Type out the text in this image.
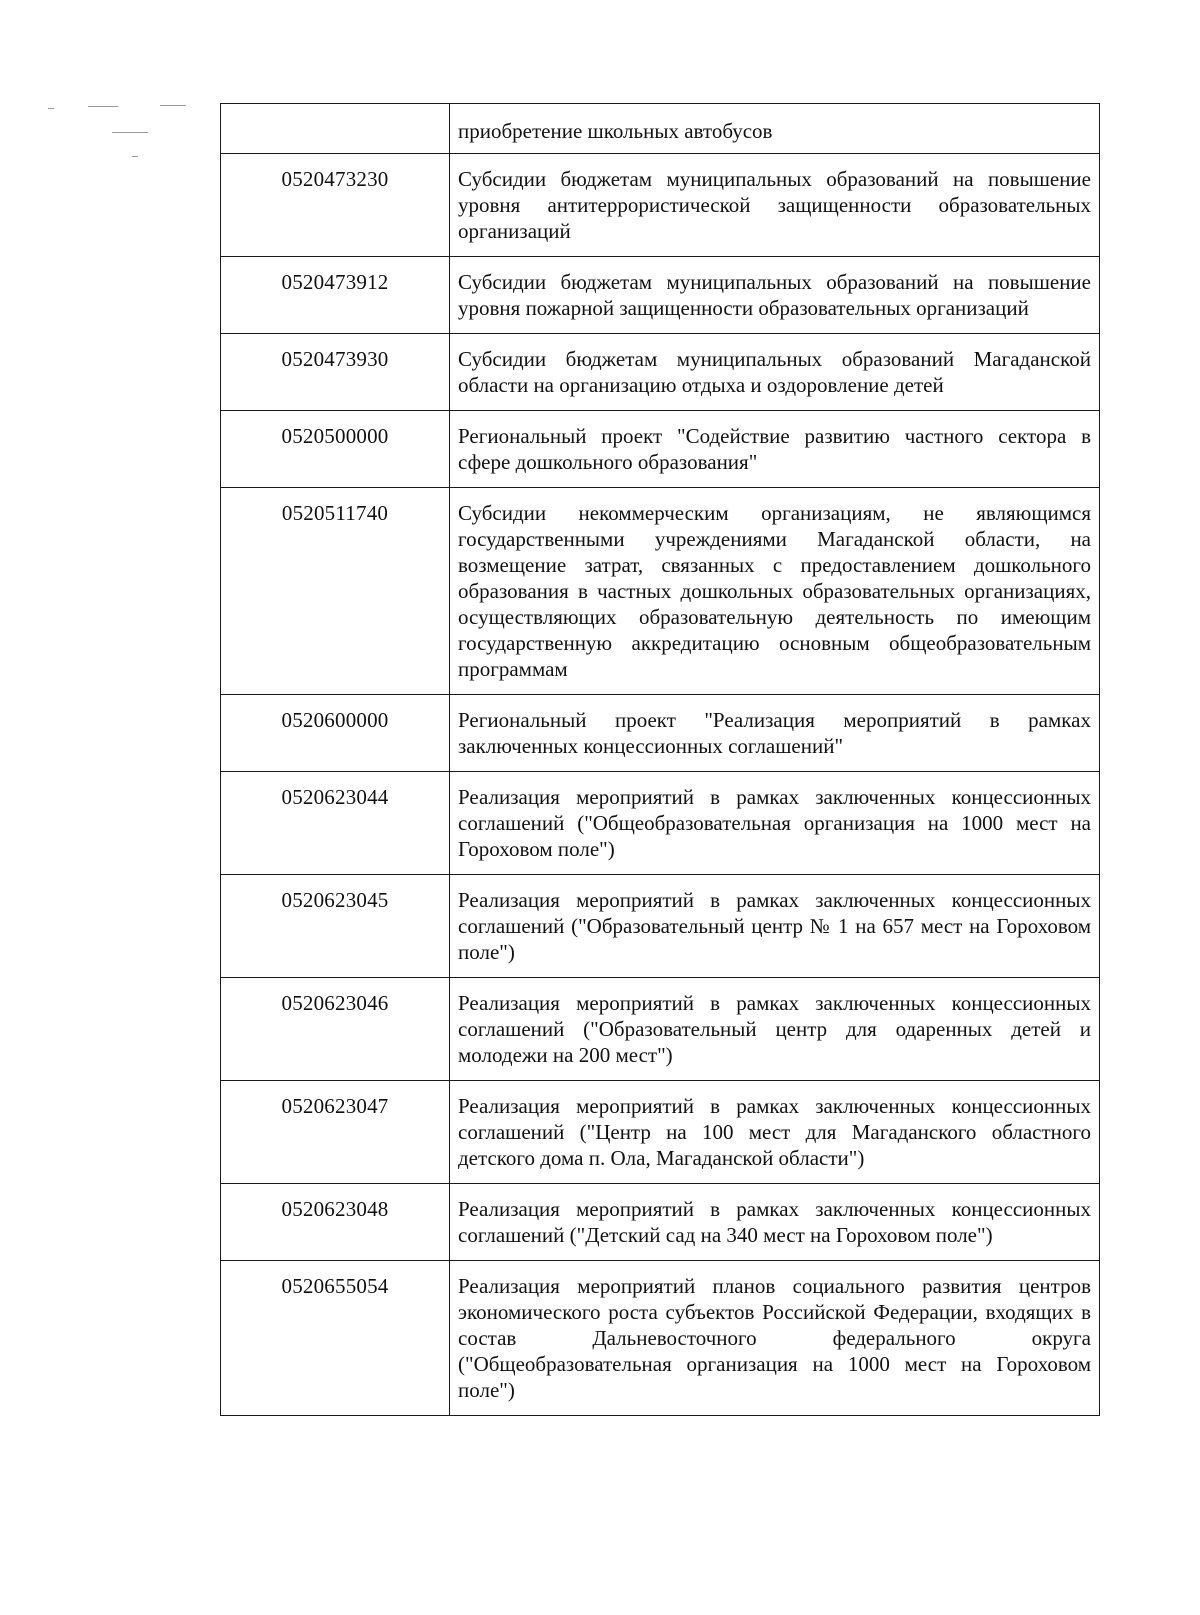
	приобретение школьных автобусов
0520473230	Субсидии бюджетам муниципальных образований на повышение уровня антитеррористической защищенности образовательных организаций
0520473912	Субсидии бюджетам муниципальных образований на повышение уровня пожарной защищенности образовательных организаций
0520473930	Субсидии бюджетам муниципальных образований Магаданской области на организацию отдыха и оздоровление детей
0520500000	Региональный проект "Содействие развитию частного сектора в сфере дошкольного образования"
0520511740	Субсидии некоммерческим организациям, не являющимся государственными учреждениями Магаданской области, на возмещение затрат, связанных с предоставлением дошкольного образования в частных дошкольных образовательных организациях, осуществляющих образовательную деятельность по имеющим государственную аккредитацию основным общеобразовательным программам
0520600000	Региональный проект "Реализация мероприятий в рамках заключенных концессионных соглашений"
0520623044	Реализация мероприятий в рамках заключенных концессионных соглашений ("Общеобразовательная организация на 1000 мест на Гороховом поле")
0520623045	Реализация мероприятий в рамках заключенных концессионных соглашений ("Образовательный центр № 1 на 657 мест на Гороховом поле")
0520623046	Реализация мероприятий в рамках заключенных концессионных соглашений ("Образовательный центр для одаренных детей и молодежи на 200 мест")
0520623047	Реализация мероприятий в рамках заключенных концессионных соглашений ("Центр на 100 мест для Магаданского областного детского дома п. Ола, Магаданской области")
0520623048	Реализация мероприятий в рамках заключенных концессионных соглашений ("Детский сад на 340 мест на Гороховом поле")
0520655054	Реализация мероприятий планов социального развития центров экономического роста субъектов Российской Федерации, входящих в состав Дальневосточного федерального округа ("Общеобразовательная организация на 1000 мест на Гороховом поле")
